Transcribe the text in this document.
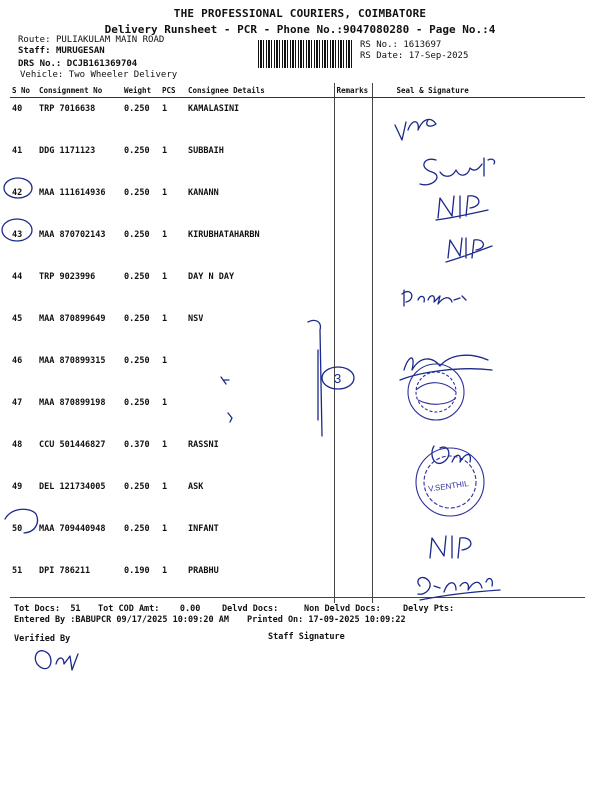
THE PROFESSIONAL COURIERS, COIMBATORE
Delivery Runsheet - PCR - Phone No.:9047080280 - Page No.:4
Route: PULIAKULAM MAIN ROAD
Staff: MURUGESAN
DRS No.: DCJB161369704
Vehicle: Two Wheeler Delivery
RS No.: 1613697
RS Date: 17-Sep-2025
S No	Consignment No	Weight	PCS	Consignee Details	Remarks	Seal & Signature
40	TRP 7016638	0.250	1	KAMALASINI		
41	DDG 1171123	0.250	1	SUBBAIH		
42	MAA 111614936	0.250	1	KANANN		
43	MAA 870702143	0.250	1	KIRUBHATAHARBN		
44	TRP 9023996	0.250	1	DAY N DAY		
45	MAA 870899649	0.250	1	NSV		
46	MAA 870899315	0.250	1			
47	MAA 870899198	0.250	1			
48	CCU 501446827	0.370	1	RASSNI		
49	DEL 121734005	0.250	1	ASK		
50	MAA 709440948	0.250	1	INFANT		
51	DPI 786211	0.190	1	PRABHU		
Tot Docs: 51 Tot COD Amt: 0.00	Delvd Docs:	Non Delvd Docs:	Delvy Pts:
Entered By :BABUPCR 09/17/2025 10:09:20 AM Printed On: 17-09-2025 10:09:22
Verified By	Staff Signature
V.SENTHIL
3
